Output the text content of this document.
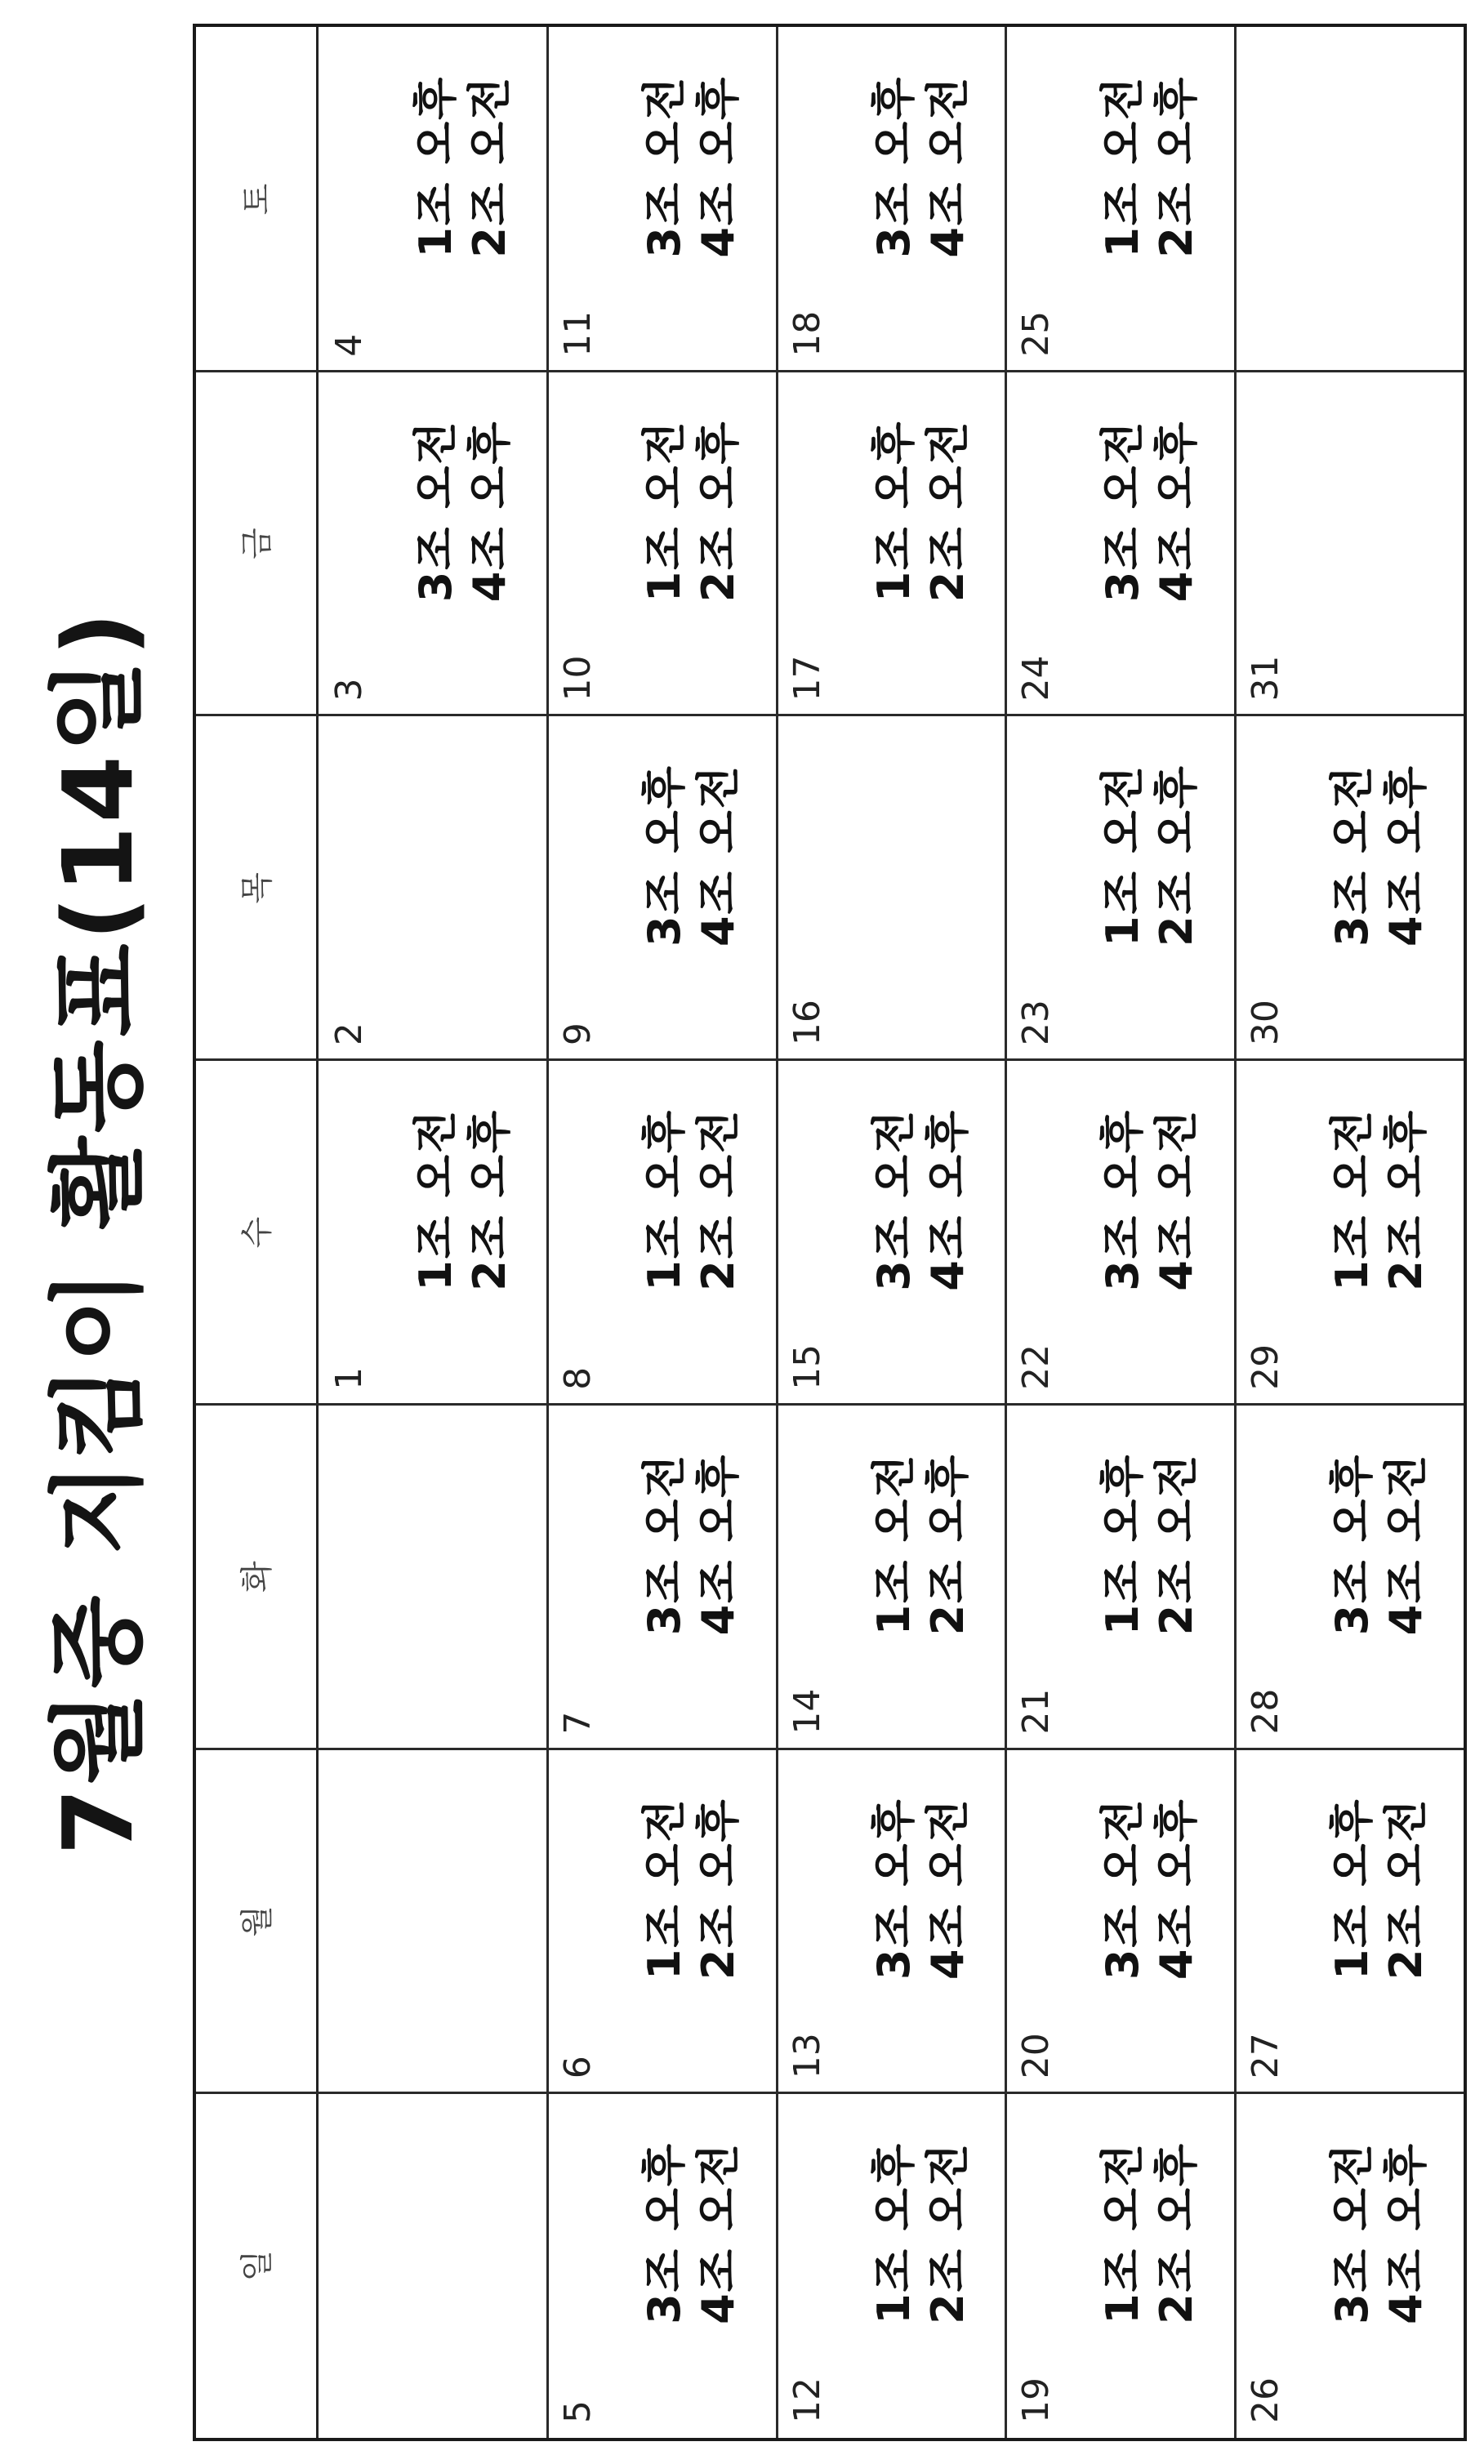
7월중 지킴이 활동표(14일)
일
월
화
수
목
금
토
1
1조 오전 2조 오후
2
3
3조 오전 4조 오후
4
1조 오후 2조 오전
5
3조 오후 4조 오전
6
1조 오전 2조 오후
7
3조 오전 4조 오후
8
1조 오후 2조 오전
9
3조 오후 4조 오전
10
1조 오전 2조 오후
11
3조 오전 4조 오후
12
1조 오후 2조 오전
13
3조 오후 4조 오전
14
1조 오전 2조 오후
15
3조 오전 4조 오후
16
17
1조 오후 2조 오전
18
3조 오후 4조 오전
19
1조 오전 2조 오후
20
3조 오전 4조 오후
21
1조 오후 2조 오전
22
3조 오후 4조 오전
23
1조 오전 2조 오후
24
3조 오전 4조 오후
25
1조 오전 2조 오후
26
3조 오전 4조 오후
27
1조 오후 2조 오전
28
3조 오후 4조 오전
29
1조 오전 2조 오후
30
3조 오전 4조 오후
31
